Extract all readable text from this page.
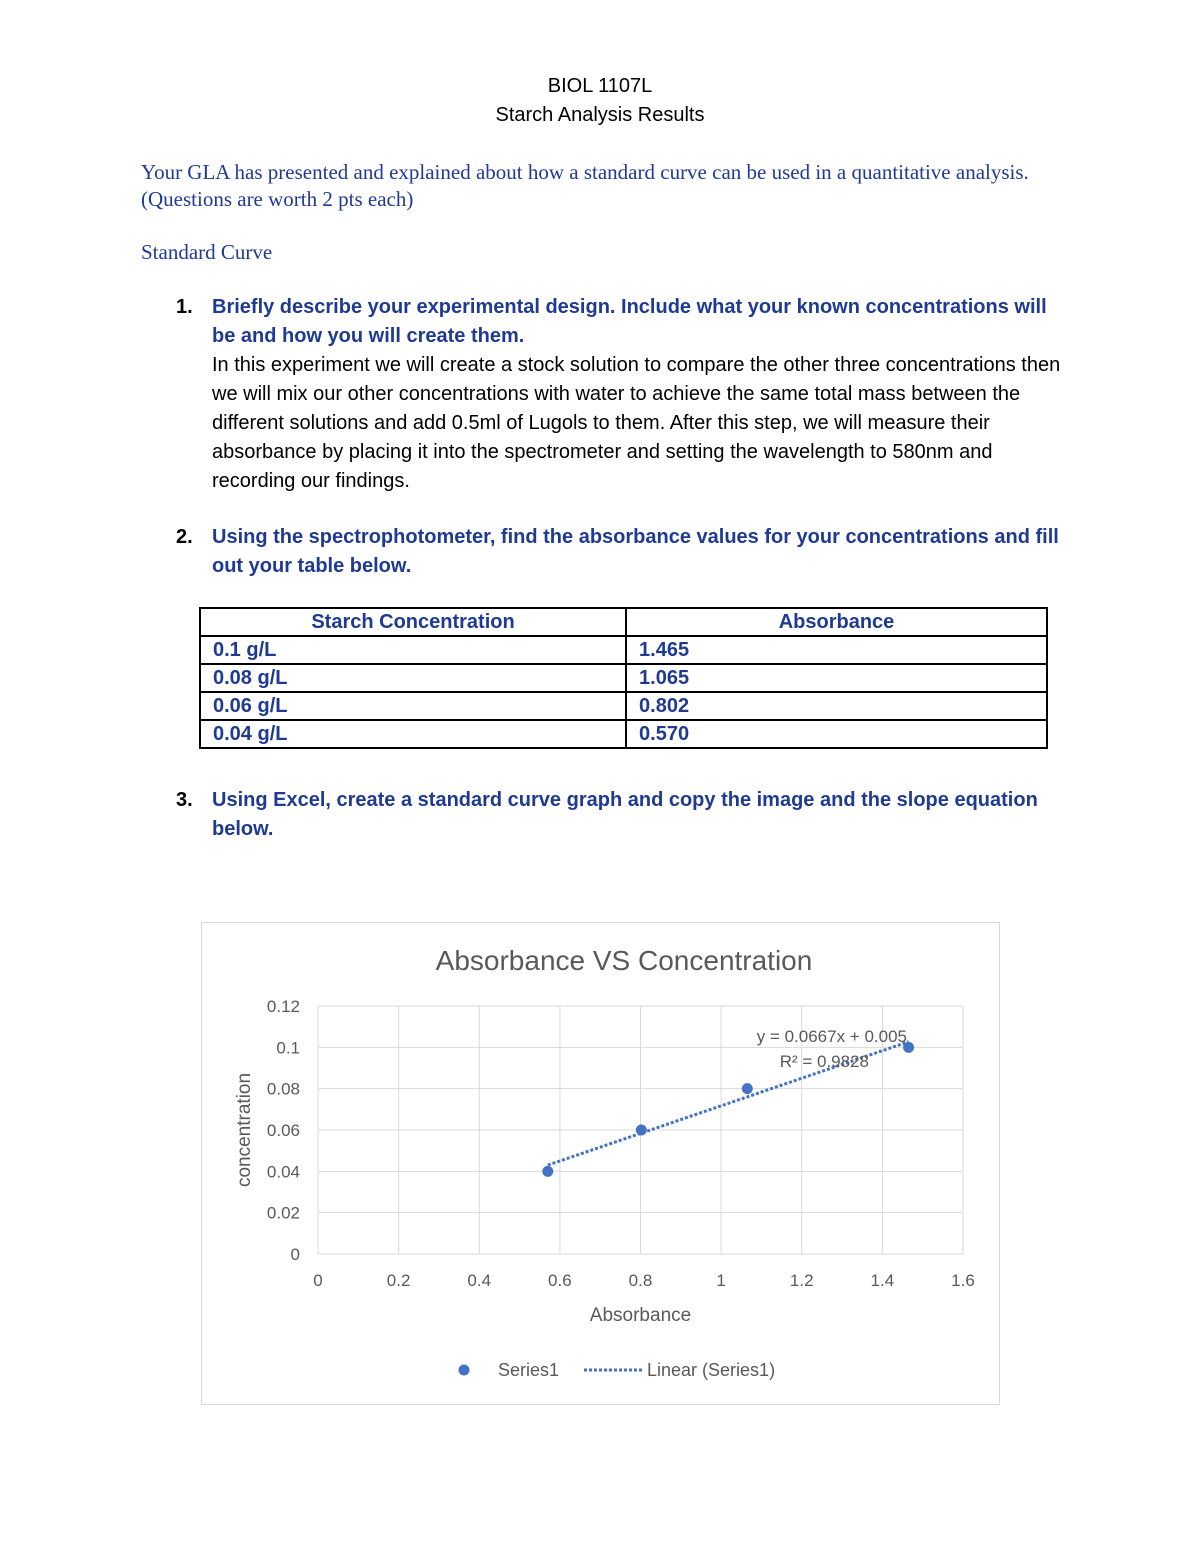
BIOL 1107L
Starch Analysis Results
Your GLA has presented and explained about how a standard curve can be used in a quantitative analysis. (Questions are worth 2 pts each)
Standard Curve
1. Briefly describe your experimental design. Include what your known concentrations will be and how you will create them.
In this experiment we will create a stock solution to compare the other three concentrations then we will mix our other concentrations with water to achieve the same total mass between the different solutions and add 0.5ml of Lugols to them. After this step, we will measure their absorbance by placing it into the spectrometer and setting the wavelength to 580nm and recording our findings.
2. Using the spectrophotometer, find the absorbance values for your concentrations and fill out your table below.
Starch Concentration	Absorbance
0.1 g/L	1.465
0.08 g/L	1.065
0.06 g/L	0.802
0.04 g/L	0.570
3. Using Excel, create a standard curve graph and copy the image and the slope equation below.
Absorbance VS Concentration
0
0.02
0.04
0.06
0.08
0.1
0.12
0	0.2	0.4	0.6	0.8	1	1.2	1.4	1.6
Absorbance
concentration
y = 0.0667x + 0.005
R² = 0.9828
Series1	Linear (Series1)
